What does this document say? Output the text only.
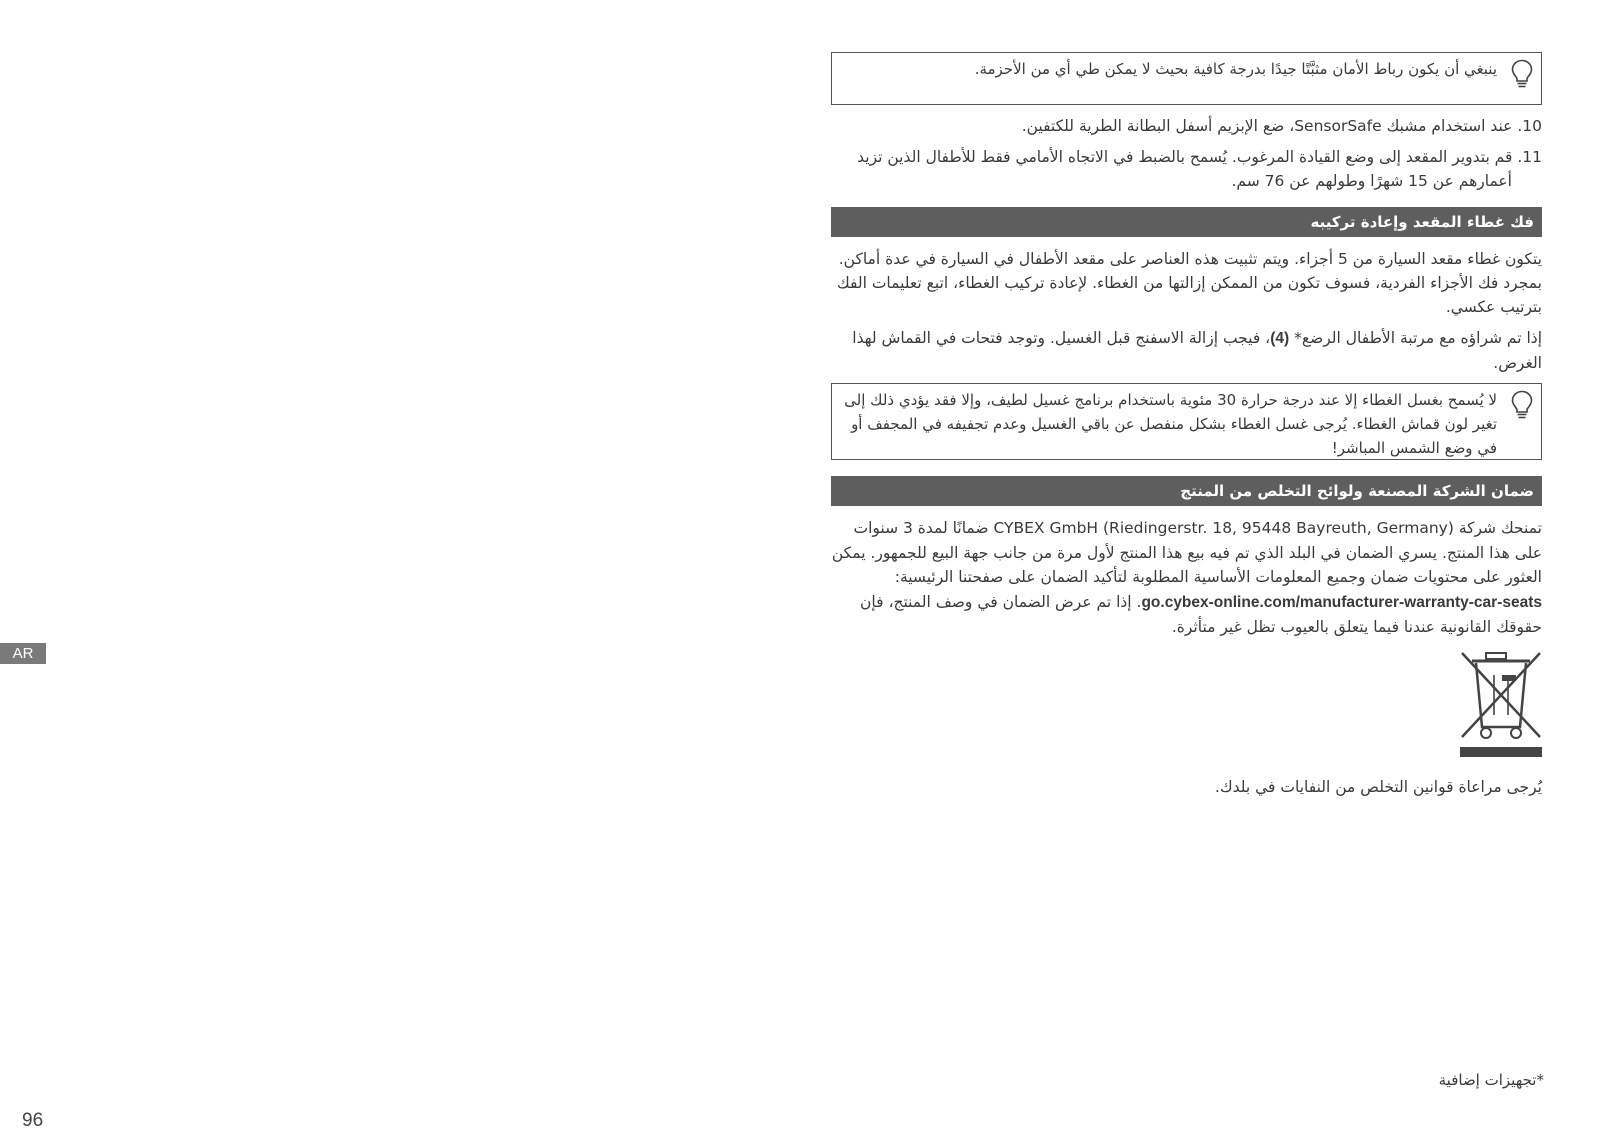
ينبغي أن يكون رباط الأمان مثبَّتًا جيدًا بدرجة كافية بحيث لا يمكن طي أي من الأحزمة.

10. عند استخدام مشبك SensorSafe، ضع الإبزيم أسفل البطانة الطرية للكتفين.

11. قم بتدوير المقعد إلى وضع القيادة المرغوب. يُسمح بالضبط في الاتجاه الأمامي فقط للأطفال الذين تزيد

أعمارهم عن 15 شهرًا وطولهم عن 76 سم.

فك غطاء المقعد وإعادة تركيبه

يتكون غطاء مقعد السيارة من 5 أجزاء. ويتم تثبيت هذه العناصر على مقعد الأطفال في السيارة في عدة أماكن. بمجرد فك الأجزاء الفردية، فسوف تكون من الممكن إزالتها من الغطاء. لإعادة تركيب الغطاء، اتبع تعليمات الفك بترتيب عكسي.

إذا تم شراؤه مع مرتبة الأطفال الرضع* (4)، فيجب إزالة الاسفنج قبل الغسيل. وتوجد فتحات في القماش لهذا الغرض.

لا يُسمح بغسل الغطاء إلا عند درجة حرارة 30 مئوية باستخدام برنامج غسيل لطيف، وإلا فقد يؤدي ذلك إلى تغير لون قماش الغطاء. يُرجى غسل الغطاء بشكل منفصل عن باقي الغسيل وعدم تجفيفه في المجفف أو في وضع الشمس المباشر!

ضمان الشركة المصنعة ولوائح التخلص من المنتج

تمنحك شركة CYBEX GmbH (Riedingerstr. 18, 95448 Bayreuth, Germany) ضمانًا لمدة 3 سنوات على هذا المنتج. يسري الضمان في البلد الذي تم فيه بيع هذا المنتج لأول مرة من جانب جهة البيع للجمهور. يمكن العثور على محتويات ضمان وجميع المعلومات الأساسية المطلوبة لتأكيد الضمان على صفحتنا الرئيسية: go.cybex-online.com/manufacturer-warranty-car-seats. إذا تم عرض الضمان في وصف المنتج، فإن حقوقك القانونية عندنا فيما يتعلق بالعيوب تظل غير متأثرة.

يُرجى مراعاة قوانين التخلص من النفايات في بلدك.

*تجهيزات إضافية

AR
96
